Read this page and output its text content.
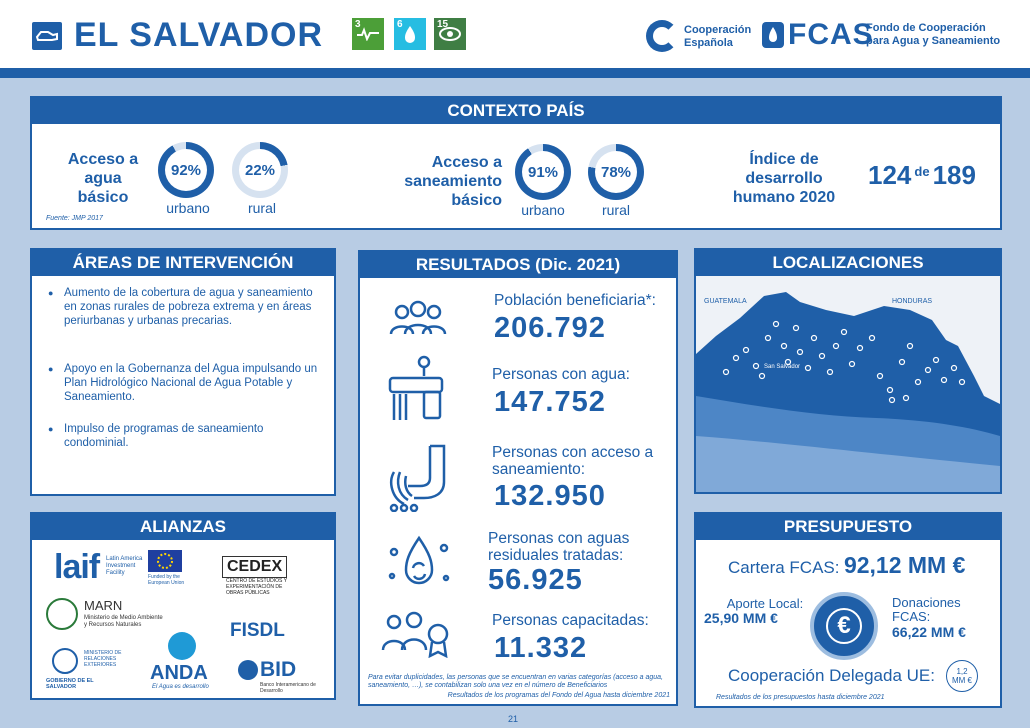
EL SALVADOR	3	6	15	Cooperación
Española	FCAS
Fondo de Cooperación
para Agua y Saneamiento
CONTEXTO PAÍS
Acceso a
agua
básico
92%
urbano
22%
rural
Fuente: JMP 2017
Acceso a
saneamiento
básico
91%
urbano
78%
rural
Índice de
desarrollo
humano 2020
124 $^{de}$ 189
ÁREAS DE INTERVENCIÓN
● Aumento de la cobertura de agua y saneamiento en zonas rurales de pobreza extrema y en áreas periurbanas y urbanas precarias.
● Apoyo en la Gobernanza del Agua impulsando un Plan Hidrológico Nacional de Agua Potable y Saneamiento.
● Impulso de programas de saneamiento condominial.
ALIANZAS
laif Latin America Investment Facility
Funded by the European Union
CEDEX
CENTRO DE ESTUDIOS Y EXPERIMENTACIÓN DE OBRAS PÚBLICAS
MARN
Ministerio de Medio Ambiente y Recursos Naturales	FISDL
MINISTERIO DE RELACIONES EXTERIORES
GOBIERNO DE EL SALVADOR
ANDA
El Agua es desarrollo
BID
Banco Interamericano de Desarrollo
RESULTADOS (Dic. 2021)
Población beneficiaria*:
206.792
Personas con agua:
147.752
Personas con acceso a saneamiento:
132.950
Personas con aguas residuales tratadas:
56.925
Personas capacitadas:
11.332
Para evitar duplicidades, las personas que se encuentran en varias categorías (acceso a agua, saneamiento, …), se contabilizan solo una vez en el número de Beneficiarios
Resultados de los programas del Fondo del Agua hasta diciembre 2021
LOCALIZACIONES
GUATEMALA	HONDURAS
San Salvador
PRESUPUESTO
Cartera FCAS: 92,12 MM €
Aporte Local:
25,90 MM €	€
Donaciones
FCAS:
66,22 MM €
Cooperación Delegada UE:	1,2
MM €
Resultados de los presupuestos hasta diciembre 2021
21
